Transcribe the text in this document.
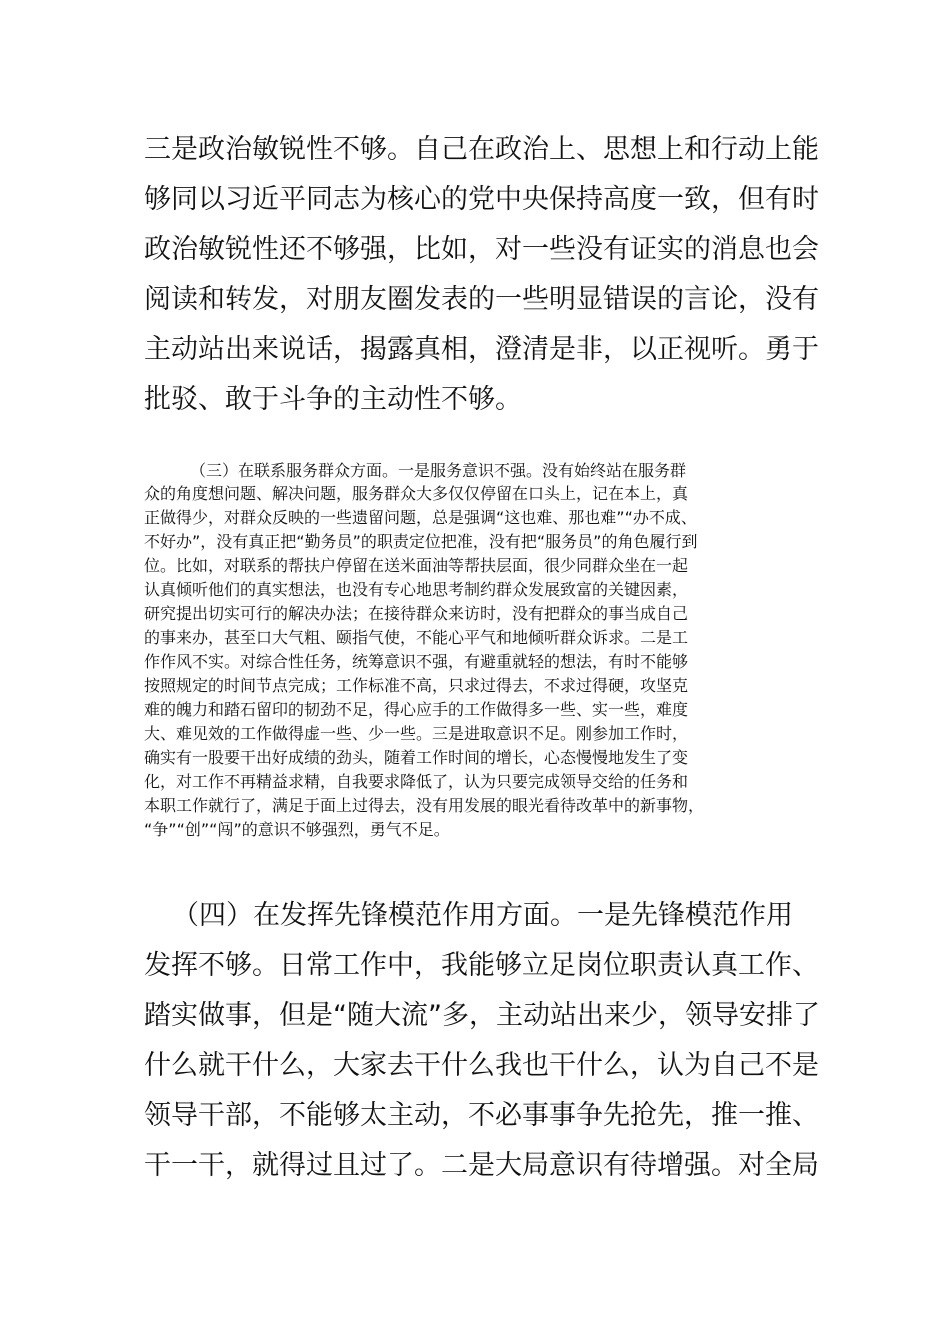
三是政治敏锐性不够。自己在政治上、思想上和行动上能
够同以习近平同志为核心的党中央保持高度一致，但有时
政治敏锐性还不够强，比如，对一些没有证实的消息也会
阅读和转发，对朋友圈发表的一些明显错误的言论，没有
主动站出来说话，揭露真相，澄清是非，以正视听。勇于
批驳、敢于斗争的主动性不够。
（三）在联系服务群众方面。一是服务意识不强。没有始终站在服务群
众的角度想问题、解决问题，服务群众大多仅仅停留在口头上，记在本上，真
正做得少，对群众反映的一些遗留问题，总是强调“这也难、那也难”“办不成、
不好办”，没有真正把“勤务员”的职责定位把准，没有把“服务员”的角色履行到
位。比如，对联系的帮扶户停留在送米面油等帮扶层面，很少同群众坐在一起
认真倾听他们的真实想法，也没有专心地思考制约群众发展致富的关键因素，
研究提出切实可行的解决办法；在接待群众来访时，没有把群众的事当成自己
的事来办，甚至口大气粗、颐指气使，不能心平气和地倾听群众诉求。二是工
作作风不实。对综合性任务，统筹意识不强，有避重就轻的想法，有时不能够
按照规定的时间节点完成；工作标准不高，只求过得去，不求过得硬，攻坚克
难的魄力和踏石留印的韧劲不足，得心应手的工作做得多一些、实一些，难度
大、难见效的工作做得虚一些、少一些。三是进取意识不足。刚参加工作时，
确实有一股要干出好成绩的劲头，随着工作时间的增长，心态慢慢地发生了变
化，对工作不再精益求精，自我要求降低了，认为只要完成领导交给的任务和
本职工作就行了，满足于面上过得去，没有用发展的眼光看待改革中的新事物，
“争”“创”“闯”的意识不够强烈，勇气不足。
（四）在发挥先锋模范作用方面。一是先锋模范作用
发挥不够。日常工作中，我能够立足岗位职责认真工作、
踏实做事，但是“随大流”多，主动站出来少，领导安排了
什么就干什么，大家去干什么我也干什么，认为自己不是
领导干部，不能够太主动，不必事事争先抢先，推一推、
干一干，就得过且过了。二是大局意识有待增强。对全局
